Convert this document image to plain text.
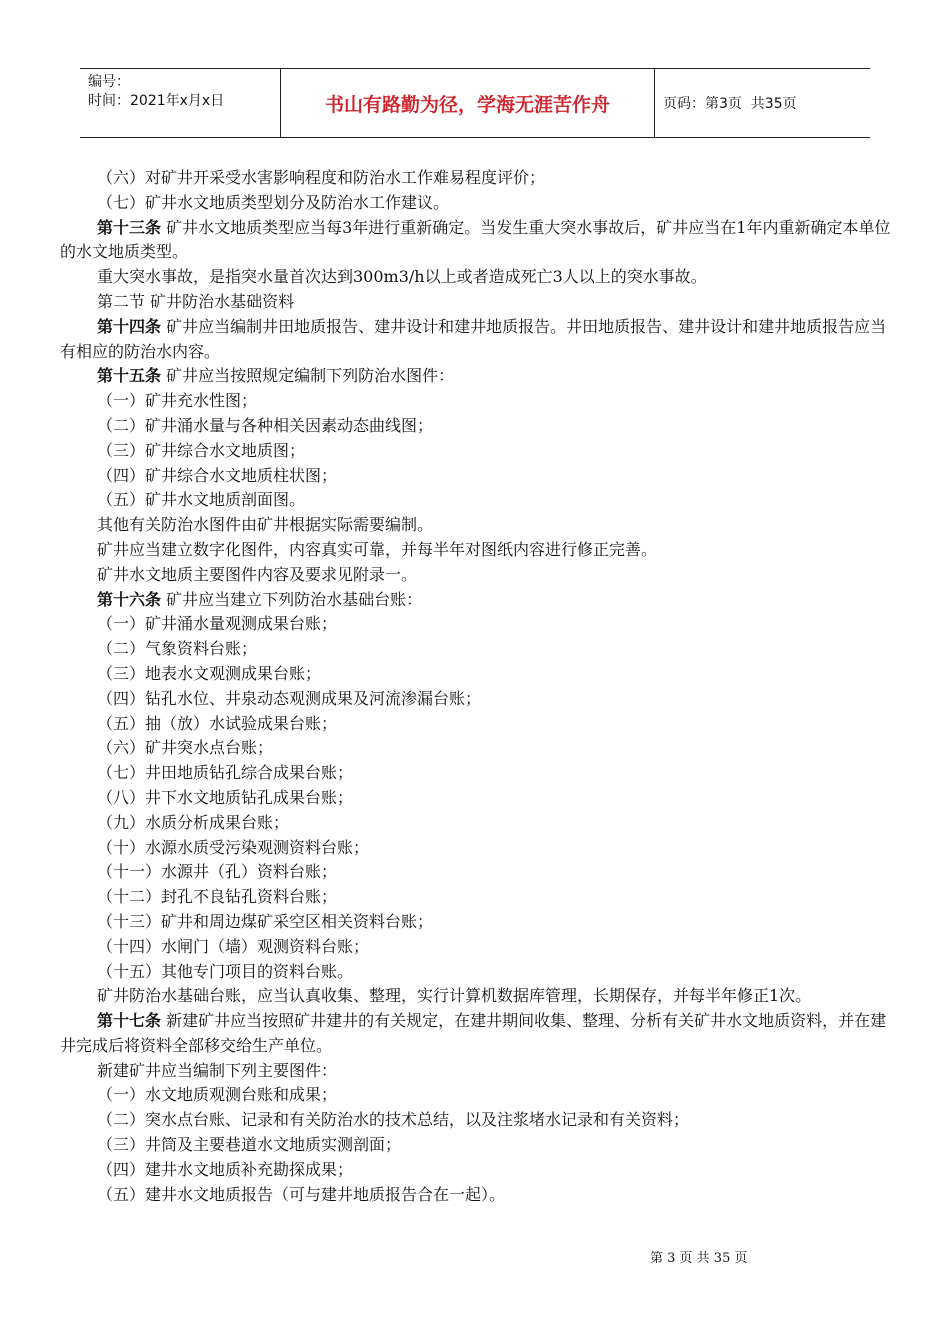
编号：
时间：2021年x月x日	书山有路勤为径，学海无涯苦作舟	页码：第3页  共35页

（六）对矿井开采受水害影响程度和防治水工作难易程度评价；

（七）矿井水文地质类型划分及防治水工作建议。

第十三条 矿井水文地质类型应当每3年进行重新确定。当发生重大突水事故后，矿井应当在1年内重新确定本单位的水文地质类型。

重大突水事故，是指突水量首次达到300m3/h以上或者造成死亡3人以上的突水事故。

第二节 矿井防治水基础资料

第十四条 矿井应当编制井田地质报告、建井设计和建井地质报告。井田地质报告、建井设计和建井地质报告应当有相应的防治水内容。

第十五条 矿井应当按照规定编制下列防治水图件：

（一）矿井充水性图；

（二）矿井涌水量与各种相关因素动态曲线图；

（三）矿井综合水文地质图；

（四）矿井综合水文地质柱状图；

（五）矿井水文地质剖面图。

其他有关防治水图件由矿井根据实际需要编制。

矿井应当建立数字化图件，内容真实可靠，并每半年对图纸内容进行修正完善。

矿井水文地质主要图件内容及要求见附录一。

第十六条 矿井应当建立下列防治水基础台账：

（一）矿井涌水量观测成果台账；

（二）气象资料台账；

（三）地表水文观测成果台账；

（四）钻孔水位、井泉动态观测成果及河流渗漏台账；

（五）抽（放）水试验成果台账；

（六）矿井突水点台账；

（七）井田地质钻孔综合成果台账；

（八）井下水文地质钻孔成果台账；

（九）水质分析成果台账；

（十）水源水质受污染观测资料台账；

（十一）水源井（孔）资料台账；

（十二）封孔不良钻孔资料台账；

（十三）矿井和周边煤矿采空区相关资料台账；

（十四）水闸门（墙）观测资料台账；

（十五）其他专门项目的资料台账。

矿井防治水基础台账，应当认真收集、整理，实行计算机数据库管理，长期保存，并每半年修正1次。

第十七条 新建矿井应当按照矿井建井的有关规定，在建井期间收集、整理、分析有关矿井水文地质资料，并在建井完成后将资料全部移交给生产单位。

新建矿井应当编制下列主要图件：

（一）水文地质观测台账和成果；

（二）突水点台账、记录和有关防治水的技术总结，以及注浆堵水记录和有关资料；

（三）井筒及主要巷道水文地质实测剖面；

（四）建井水文地质补充勘探成果；

（五）建井水文地质报告（可与建井地质报告合在一起）。

第 3 页 共 35 页
